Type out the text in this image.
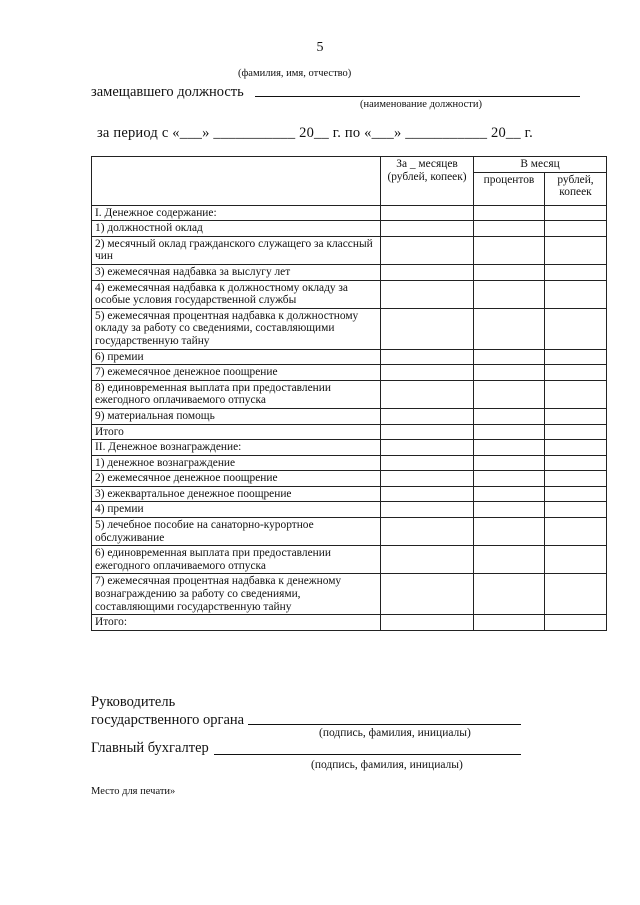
5
(фамилия, имя, отчество)
замещавшего должность
(наименование должности)
за период с «___» ___________ 20__ г. по «___» ___________ 20__ г.
	За _ месяцев (рублей, копеек)	В месяц	
		процентов	рублей, копеек

I. Денежное содержание:			

1) должностной оклад			

2) месячный оклад гражданского служащего за классный чин			

3) ежемесячная надбавка за выслугу лет			

4) ежемесячная надбавка к должностному окладу за особые условия государственной службы			

5) ежемесячная процентная надбавка к должностному окладу за работу со сведениями, составляющими государственную тайну			

6) премии			

7) ежемесячное денежное поощрение			

8) единовременная выплата при предоставлении ежегодного оплачиваемого отпуска			

9) материальная помощь			

Итого			

II. Денежное вознаграждение:			

1) денежное вознаграждение			

2) ежемесячное денежное поощрение			

3) ежеквартальное денежное поощрение			

4) премии			

5) лечебное пособие на санаторно-курортное обслуживание			

6) единовременная выплата при предоставлении ежегодного оплачиваемого отпуска			

7) ежемесячная процентная надбавка к денежному вознаграждению за работу со сведениями, составляющими государственную тайну			

Итого:			

Руководитель
государственного органа
(подпись, фамилия, инициалы)
Главный бухгалтер
(подпись, фамилия, инициалы)
Место для печати»
